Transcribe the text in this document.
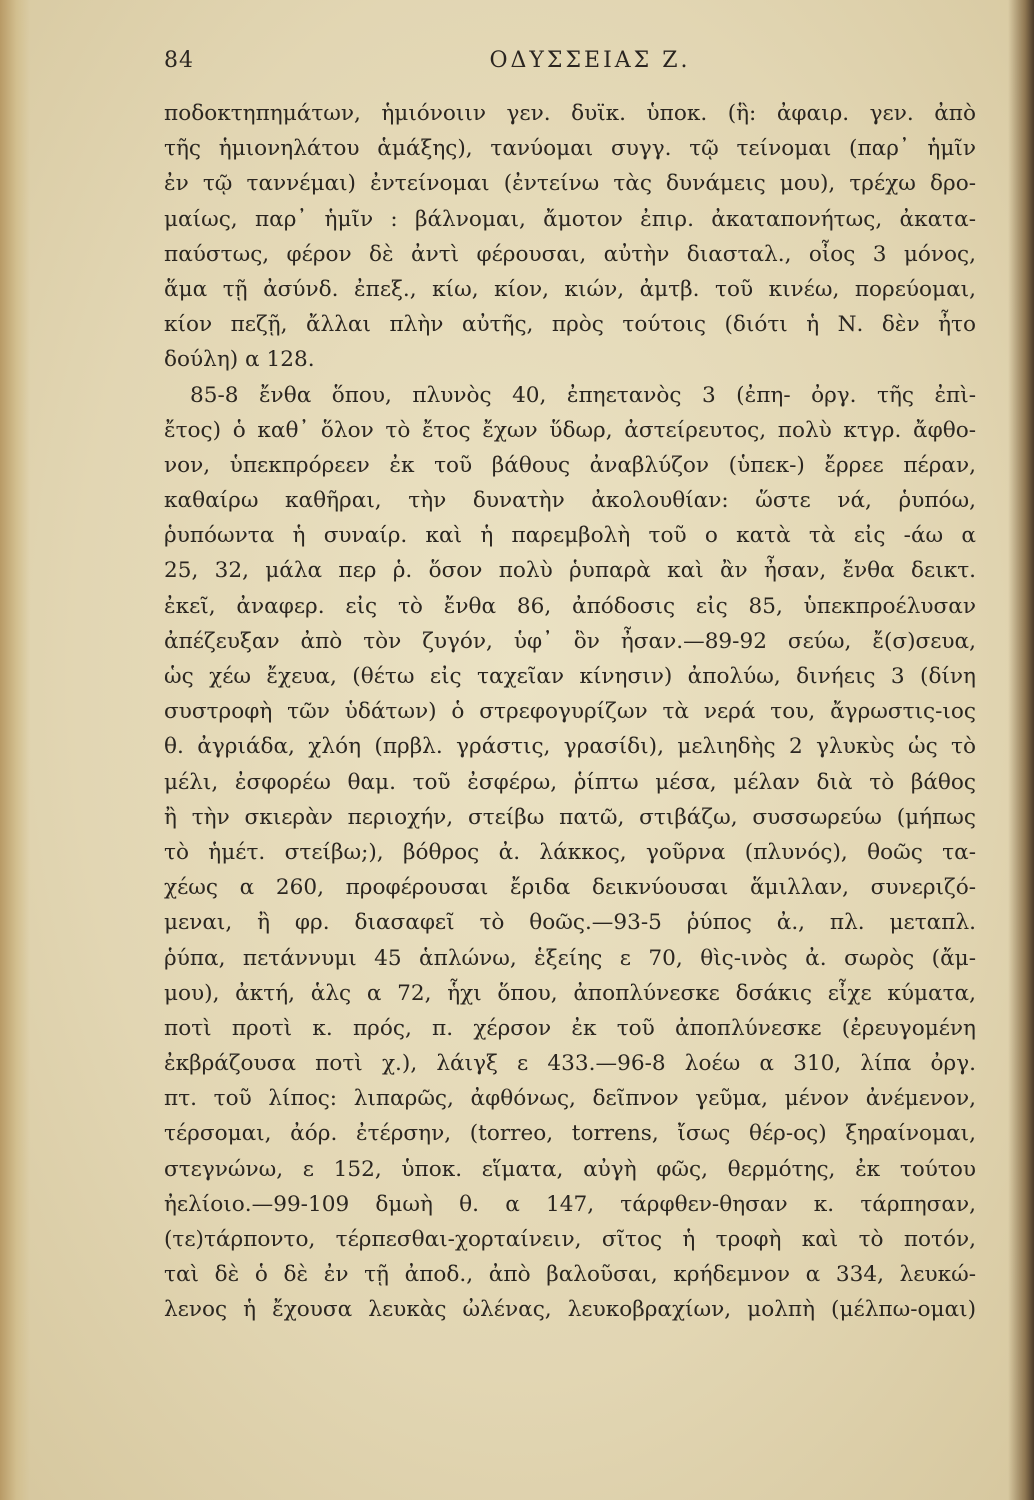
84	ΟΔΥΣΣΕΙΑΣ Ζ.
ποδοκτηπημάτων, ἡμιόνοιιν γεν. δυϊκ. ὑποκ. (ἣ: ἀφαιρ. γεν. ἀπὸ
τῆς ἡμιονηλάτου ἁμάξης), τανύομαι συγγ. τῷ τείνομαι (παρ᾽ ἡμῖν
ἐν τῷ ταννέμαι) ἐντείνομαι (ἐντείνω τὰς δυνάμεις μου), τρέχω δρο-
μαίως, παρ᾽ ἡμῖν : βάλνομαι, ἄμοτον ἐπιρ. ἀκαταπονήτως, ἀκατα-
παύστως, φέρον δὲ ἀντὶ φέρουσαι, αὐτὴν διασταλ., οἶος 3 μόνος,
ἅμα τῇ ἀσύνδ. ἐπεξ., κίω, κίον, κιών, ἀμτβ. τοῦ κινέω, πορεύομαι,
κίον πεζῇ, ἄλλαι πλὴν αὐτῆς, πρὸς τούτοις (διότι ἡ Ν. δὲν ἦτο
δούλη) α 128.
85-8 ἔνθα ὅπου, πλυνὸς 40, ἐπηετανὸς 3 (ἐπη- ὀργ. τῆς ἐπὶ-
ἔτος) ὁ καθ᾽ ὅλον τὸ ἔτος ἔχων ὕδωρ, ἀστείρευτος, πολὺ κτγρ. ἄφθο-
νον, ὑπεκπρόρεεν ἐκ τοῦ βάθους ἀναβλύζον (ὑπεκ-) ἔρρεε πέραν,
καθαίρω καθῆραι, τὴν δυνατὴν ἀκολουθίαν: ὥστε νά, ῥυπόω,
ῥυπόωντα ἡ συναίρ. καὶ ἡ παρεμβολὴ τοῦ ο κατὰ τὰ εἰς -άω α
25, 32, μάλα περ ῥ. ὅσον πολὺ ῥυπαρὰ καὶ ἂν ἦσαν, ἔνθα δεικτ.
ἐκεῖ, ἀναφερ. εἰς τὸ ἔνθα 86, ἀπόδοσις εἰς 85, ὑπεκπροέλυσαν
ἀπέζευξαν ἀπὸ τὸν ζυγόν, ὑφ᾽ ὃν ἦσαν.—89-92 σεύω, ἔ(σ)σευα,
ὡς χέω ἔχευα, (θέτω εἰς ταχεῖαν κίνησιν) ἀπολύω, δινήεις 3 (δίνη
συστροφὴ τῶν ὑδάτων) ὁ στρεφογυρίζων τὰ νερά του, ἄγρωστις-ιος
θ. ἀγριάδα, χλόη (πρβλ. γράστις, γρασίδι), μελιηδὴς 2 γλυκὺς ὡς τὸ
μέλι, ἐσφορέω θαμ. τοῦ ἐσφέρω, ῥίπτω μέσα, μέλαν διὰ τὸ βάθος
ἢ τὴν σκιερὰν περιοχήν, στείβω πατῶ, στιβάζω, συσσωρεύω (μήπως
τὸ ἡμέτ. στείβω;), βόθρος ἀ. λάκκος, γοῦρνα (πλυνός), θοῶς τα-
χέως α 260, προφέρουσαι ἔριδα δεικνύουσαι ἅμιλλαν, συνεριζό-
μεναι, ἢ φρ. διασαφεῖ τὸ θοῶς.—93-5 ῥύπος ἀ., πλ. μεταπλ.
ῥύπα, πετάννυμι 45 ἁπλώνω, ἑξείης ε 70, θὶς-ινὸς ἀ. σωρὸς (ἄμ-
μου), ἀκτή, ἁλς α 72, ἧχι ὅπου, ἀποπλύνεσκε δσάκις εἶχε κύματα,
ποτὶ προτὶ κ. πρός, π. χέρσον ἐκ τοῦ ἀποπλύνεσκε (ἐρευγομένη
ἐκβράζουσα ποτὶ χ.), λάιγξ ε 433.—96-8 λοέω α 310, λίπα ὀργ.
πτ. τοῦ λίπος: λιπαρῶς, ἀφθόνως, δεῖπνον γεῦμα, μένον ἀνέμενον,
τέρσομαι, ἀόρ. ἐτέρσην, (torreo, torrens, ἴσως θέρ-ος) ξηραίνομαι,
στεγνώνω, ε 152, ὑποκ. εἵματα, αὐγὴ φῶς, θερμότης, ἐκ τούτου
ἠελίοιο.—99-109 δμωὴ θ. α 147, τάρφθεν-θησαν κ. τάρπησαν,
(τε)τάρποντο, τέρπεσθαι-χορταίνειν, σῖτος ἡ τροφὴ καὶ τὸ ποτόν,
ταὶ δὲ ὁ δὲ ἐν τῇ ἀποδ., ἀπὸ βαλοῦσαι, κρήδεμνον α 334, λευκώ-
λενος ἡ ἔχουσα λευκὰς ὠλένας, λευκοβραχίων, μολπὴ (μέλπω-ομαι)
